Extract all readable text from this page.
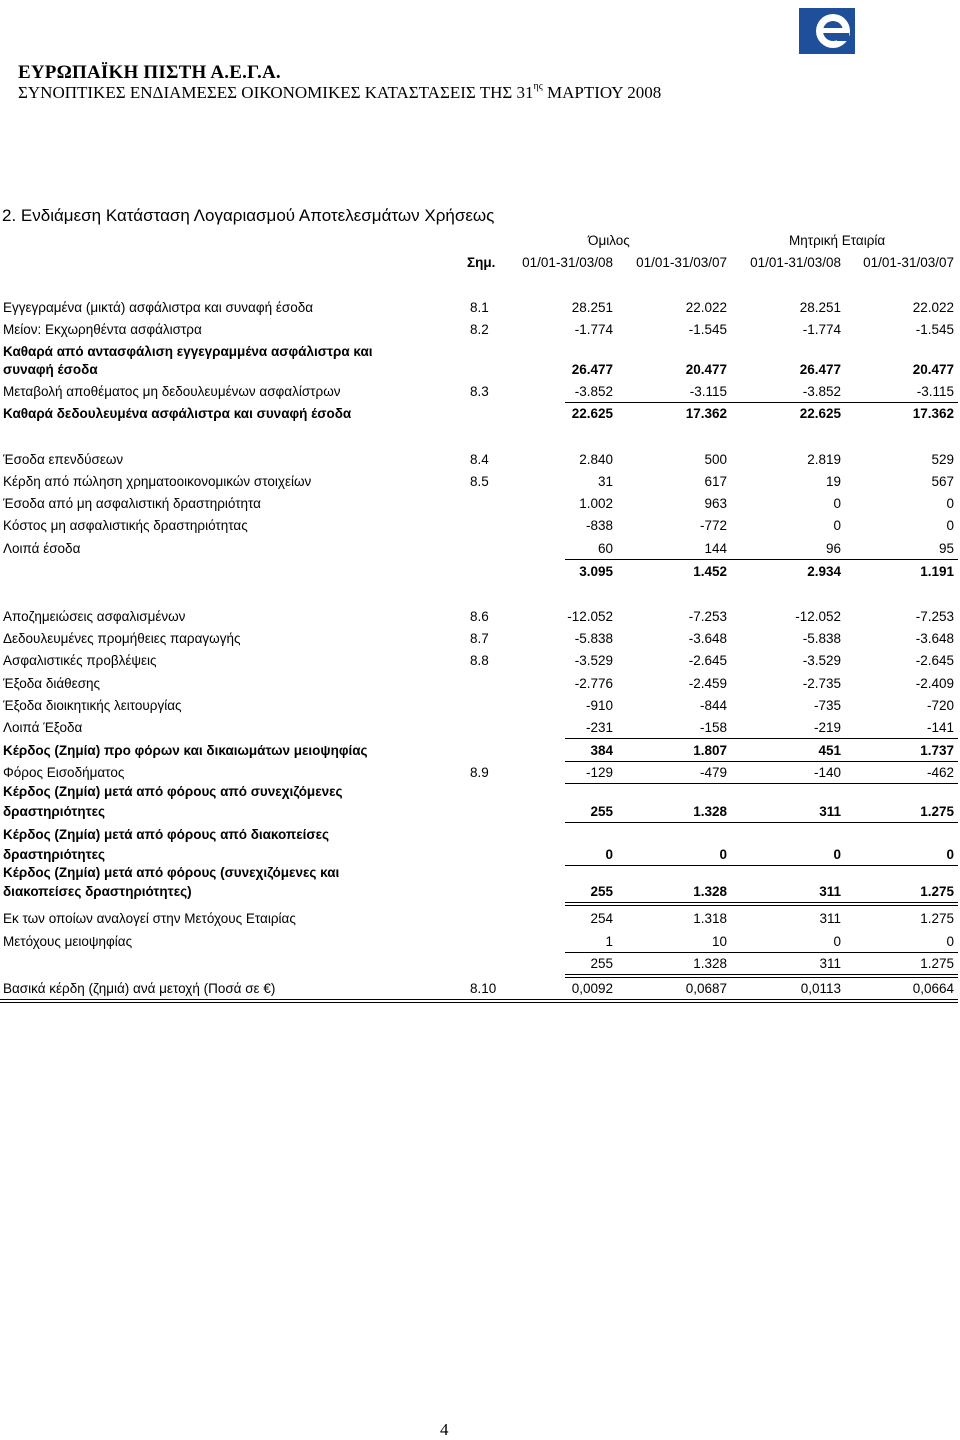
ΕΥΡΩΠΑΪΚΗ ΠΙΣΤΗ Α.Ε.Γ.Α.
ΣΥΝΟΠΤΙΚΕΣ ΕΝΔΙΑΜΕΣΕΣ ΟΙΚΟΝΟΜΙΚΕΣ ΚΑΤΑΣΤΑΣΕΙΣ ΤΗΣ $31^{\eta\varsigma}$ ΜΑΡΤΙΟΥ 2008
2. Ενδιάμεση Κατάσταση Λογαριασμού Αποτελεσμάτων Χρήσεως
Όμιλος	Μητρική Εταιρία
Σημ. 01/01-31/03/08 01/01-31/03/07 01/01-31/03/08 01/01-31/03/07
Εγγεγραμένα (μικτά) ασφάλιστρα και συναφή έσοδα	8.1	28.251	22.022	28.251	22.022
Μείον: Εκχωρηθέντα ασφάλιστρα	8.2	-1.774	-1.545	-1.774	-1.545
Καθαρά από αντασφάλιση εγγεγραμμένα ασφάλιστρα και
συναφή έσοδα	26.477	20.477	26.477	20.477
Μεταβολή αποθέματος μη δεδουλευμένων ασφαλίστρων	8.3	-3.852	-3.115	-3.852	-3.115
Καθαρά δεδουλευμένα ασφάλιστρα και συναφή έσοδα	22.625	17.362	22.625	17.362
Έσοδα επενδύσεων	8.4	2.840	500	2.819	529
Κέρδη από πώληση χρηματοοικονομικών στοιχείων	8.5	31	617	19	567
Έσοδα από μη ασφαλιστική δραστηριότητα	1.002	963	0	0
Κόστος μη ασφαλιστικής δραστηριότητας	-838	-772	0	0
Λοιπά έσοδα	60	144	96	95
3.095	1.452	2.934	1.191
Αποζημειώσεις ασφαλισμένων	8.6	-12.052	-7.253	-12.052	-7.253
Δεδουλευμένες προμήθειες παραγωγής	8.7	-5.838	-3.648	-5.838	-3.648
Ασφαλιστικές προβλέψεις	8.8	-3.529	-2.645	-3.529	-2.645
Έξοδα διάθεσης	-2.776	-2.459	-2.735	-2.409
Έξοδα διοικητικής λειτουργίας	-910	-844	-735	-720
Λοιπά Έξοδα	-231	-158	-219	-141
Κέρδος (Ζημία) προ φόρων και δικαιωμάτων μειοψηφίας	384	1.807	451	1.737
Φόρος Εισοδήματος	8.9	-129	-479	-140	-462
Κέρδος (Ζημία) μετά από φόρους από συνεχιζόμενες
δραστηριότητες	255	1.328	311	1.275
Κέρδος (Ζημία) μετά από φόρους από διακοπείσες
δραστηριότητες	0	0	0	0
Κέρδος (Ζημία) μετά από φόρους (συνεχιζόμενες και
διακοπείσες δραστηριότητες)	255	1.328	311	1.275
Εκ των οποίων αναλογεί στην Μετόχους Εταιρίας	254	1.318	311	1.275
Μετόχους μειοψηφίας	1	10	0	0
255	1.328	311	1.275
Βασικά κέρδη (ζημιά) ανά μετοχή (Ποσά σε €)	8.10	0,0092	0,0687	0,0113	0,0664
4
